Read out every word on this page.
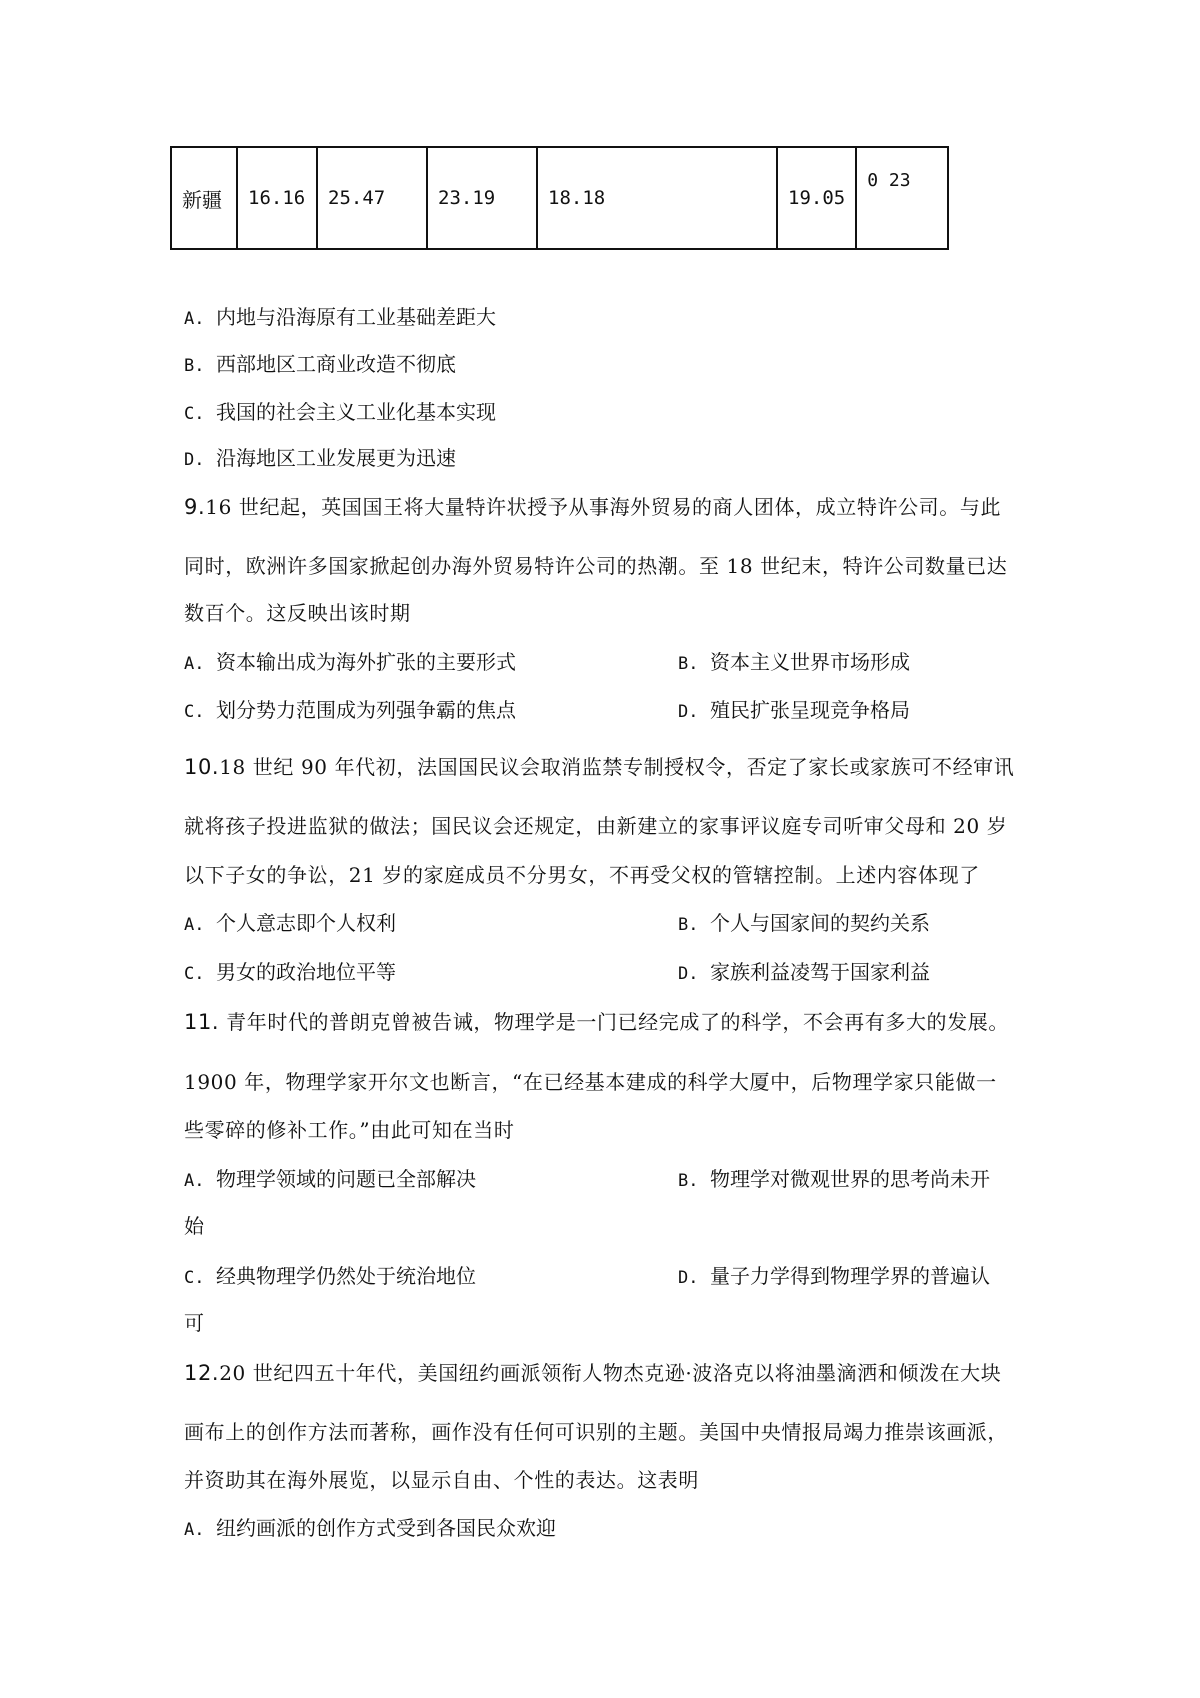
新疆	16.16	25.47	23.19	18.18	19.05	0 23
A. 内地与沿海原有工业基础差距大
B. 西部地区工商业改造不彻底
C. 我国的社会主义工业化基本实现
D. 沿海地区工业发展更为迅速
9.16 世纪起，英国国王将大量特许状授予从事海外贸易的商人团体，成立特许公司。与此
同时，欧洲许多国家掀起创办海外贸易特许公司的热潮。至 18 世纪末，特许公司数量已达
数百个。这反映出该时期
A. 资本输出成为海外扩张的主要形式	B. 资本主义世界市场形成
C. 划分势力范围成为列强争霸的焦点	D. 殖民扩张呈现竞争格局
10.18 世纪 90 年代初，法国国民议会取消监禁专制授权令，否定了家长或家族可不经审讯
就将孩子投进监狱的做法；国民议会还规定，由新建立的家事评议庭专司听审父母和 20 岁
以下子女的争讼，21 岁的家庭成员不分男女，不再受父权的管辖控制。上述内容体现了
A. 个人意志即个人权利	B. 个人与国家间的契约关系
C. 男女的政治地位平等	D. 家族利益凌驾于国家利益
11. 青年时代的普朗克曾被告诫，物理学是一门已经完成了的科学，不会再有多大的发展。
1900 年，物理学家开尔文也断言，“在已经基本建成的科学大厦中，后物理学家只能做一
些零碎的修补工作。”由此可知在当时
A. 物理学领域的问题已全部解决	B. 物理学对微观世界的思考尚未开
始
C. 经典物理学仍然处于统治地位	D. 量子力学得到物理学界的普遍认
可
12.20 世纪四五十年代，美国纽约画派领衔人物杰克逊·波洛克以将油墨滴洒和倾泼在大块
画布上的创作方法而著称，画作没有任何可识别的主题。美国中央情报局竭力推崇该画派，
并资助其在海外展览，以显示自由、个性的表达。这表明
A. 纽约画派的创作方式受到各国民众欢迎
